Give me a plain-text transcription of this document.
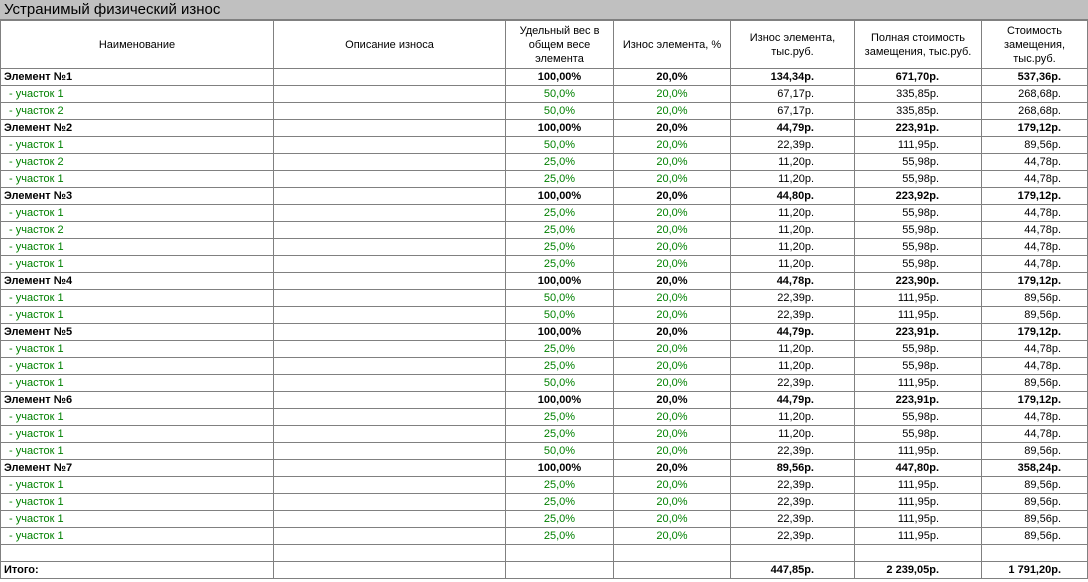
Устранимый физический износ
Наименование	Описание износа	Удельный вес в общем весе элемента	Износ элемента, %	Износ элемента, тыс.руб.	Полная стоимость замещения, тыс.руб.	Стоимость замещения, тыс.руб.
Элемент №1		100,00%	20,0%	134,34р.	671,70р.	537,36р.
- участок 1		50,0%	20,0%	67,17р.	335,85р.	268,68р.
- участок 2		50,0%	20,0%	67,17р.	335,85р.	268,68р.
Элемент №2		100,00%	20,0%	44,79р.	223,91р.	179,12р.
- участок 1		50,0%	20,0%	22,39р.	111,95р.	89,56р.
- участок 2		25,0%	20,0%	11,20р.	55,98р.	44,78р.
- участок 1		25,0%	20,0%	11,20р.	55,98р.	44,78р.
Элемент №3		100,00%	20,0%	44,80р.	223,92р.	179,12р.
- участок 1		25,0%	20,0%	11,20р.	55,98р.	44,78р.
- участок 2		25,0%	20,0%	11,20р.	55,98р.	44,78р.
- участок 1		25,0%	20,0%	11,20р.	55,98р.	44,78р.
- участок 1		25,0%	20,0%	11,20р.	55,98р.	44,78р.
Элемент №4		100,00%	20,0%	44,78р.	223,90р.	179,12р.
- участок 1		50,0%	20,0%	22,39р.	111,95р.	89,56р.
- участок 1		50,0%	20,0%	22,39р.	111,95р.	89,56р.
Элемент №5		100,00%	20,0%	44,79р.	223,91р.	179,12р.
- участок 1		25,0%	20,0%	11,20р.	55,98р.	44,78р.
- участок 1		25,0%	20,0%	11,20р.	55,98р.	44,78р.
- участок 1		50,0%	20,0%	22,39р.	111,95р.	89,56р.
Элемент №6		100,00%	20,0%	44,79р.	223,91р.	179,12р.
- участок 1		25,0%	20,0%	11,20р.	55,98р.	44,78р.
- участок 1		25,0%	20,0%	11,20р.	55,98р.	44,78р.
- участок 1		50,0%	20,0%	22,39р.	111,95р.	89,56р.
Элемент №7		100,00%	20,0%	89,56р.	447,80р.	358,24р.
- участок 1		25,0%	20,0%	22,39р.	111,95р.	89,56р.
- участок 1		25,0%	20,0%	22,39р.	111,95р.	89,56р.
- участок 1		25,0%	20,0%	22,39р.	111,95р.	89,56р.
- участок 1		25,0%	20,0%	22,39р.	111,95р.	89,56р.

Итого:				447,85р.	2 239,05р.	1 791,20р.
